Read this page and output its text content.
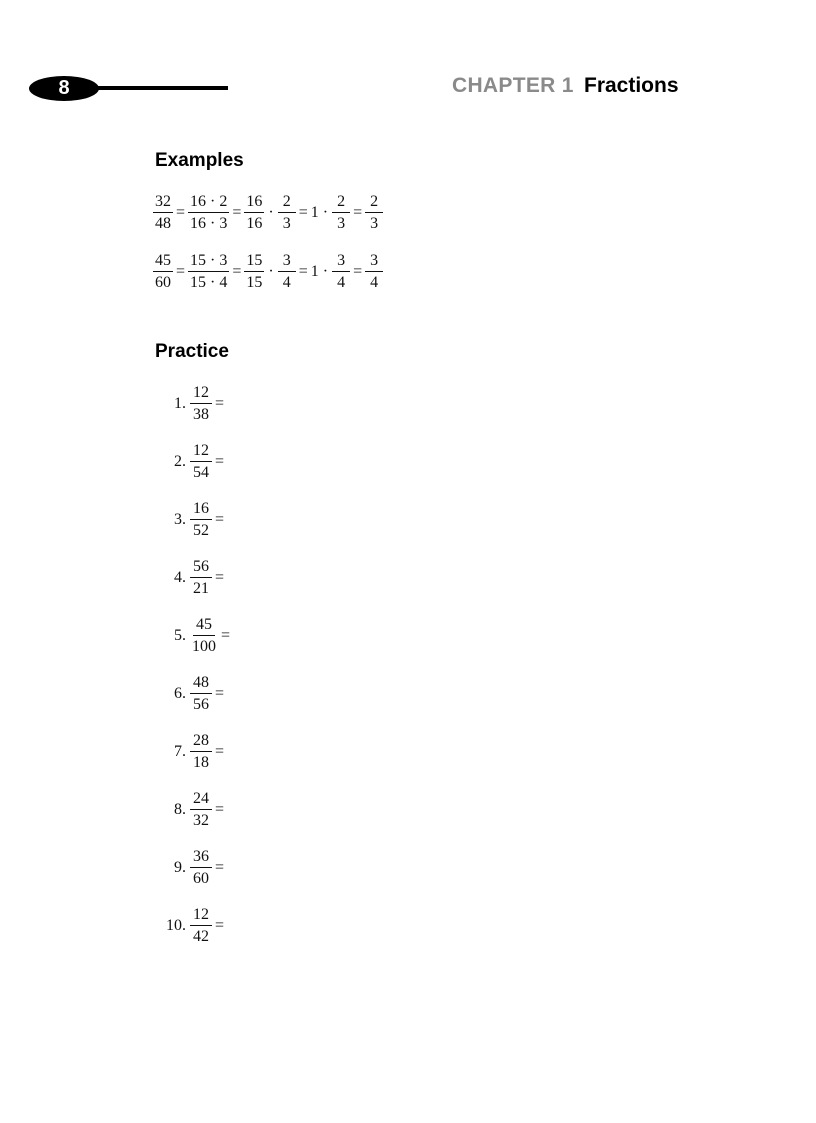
8	CHAPTER 1 Fractions
Examples
$\frac{32}{48} = \frac{16 \cdot 2}{16 \cdot 3} = \frac{16}{16} \cdot \frac{2}{3} = 1 \cdot \frac{2}{3} = \frac{2}{3}$
$\frac{45}{60} = \frac{15 \cdot 3}{15 \cdot 4} = \frac{15}{15} \cdot \frac{3}{4} = 1 \cdot \frac{3}{4} = \frac{3}{4}$
Practice
1. $\frac{12}{38}$ =
2. $\frac{12}{54}$ =
3. $\frac{16}{52}$ =
4. $\frac{56}{21}$ =
5. $\frac{45}{100}$ =
6. $\frac{48}{56}$ =
7. $\frac{28}{18}$ =
8. $\frac{24}{32}$ =
9. $\frac{36}{60}$ =
10. $\frac{12}{42}$ =
